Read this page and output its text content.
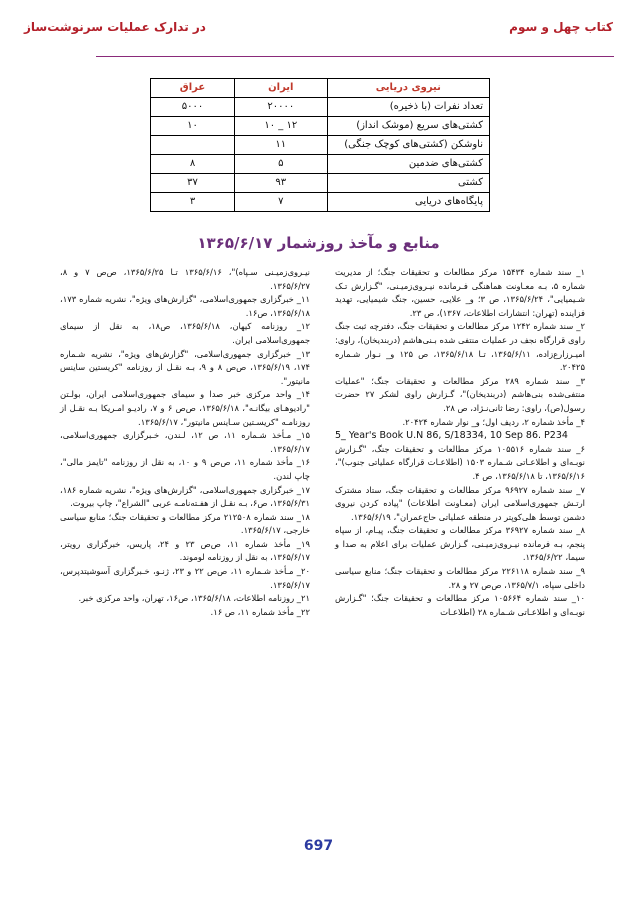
کتاب چهل و سوم
در تدارک عملیات سرنوشت‌ساز
نیروی دریایی	ایران	عراق
تعداد نفرات (با ذخیره)	۲۰۰۰۰	۵۰۰۰
کشتی‌های سریع (موشک انداز)	۱۲ _ ۱۰	۱۰
ناوشکن (کشتی‌های کوچک جنگی)	۱۱	
کشتی‌های ضدمین	۵	۸
کشتی	۹۳	۳۷
پایگاه‌های دریایی	۷	۳
منابع و مآخذ روزشمار ۱۳۶۵/۶/۱۷

۱_ سند شماره ۱۵۴۳۴ مرکز مطالعات و تحقیقات جنگ؛ از مدیریت شماره ۵، بـه معـاونت هماهنگی فـرمانده نیـروی‌زمیـنی، "گـزارش تـک شـیمیایی"، ۱۳۶۵/۶/۲۴، ص ۳؛ و_ علایی، حسین، جنگ شیمیایی، تهدید فزاینده (تهران: انتشارات اطلاعات، ۱۳۶۷)، ص ۲۳.

۲_ سند شماره ۱۲۴۲ مرکز مطالعات و تحقیقات جنگ، دفترچه ثبت جنگ راوی قرارگاه نجف در عملیات منتفی شده بـنی‌هاشم (دربندیخان)، راوی: امیـرزارع‌زاده، ۱۳۶۵/۶/۱۱، تـا ۱۳۶۵/۶/۱۸، ص ۱۲۵ و_ نـوار شـماره ۲۰۴۲۵.

۳_ سند شماره ۲۸۹ مرکز مطالعات و تحقیقات جنگ؛ "عملیات منتفی‌شده بنی‌هاشم (دربندیخان)"، گـزارش راوی لشکر ۲۷ حضرت رسول(ص)، راوی: رضا ثانی‌نـژاد، ص ۲۸.

۴_ مأخذ شماره ۲، ردیف اول؛ و_ نوار شماره ۲۰۴۲۴.

5_ Year's Book U.N 86, S/18334, 10 Sep 86. P234

۶_ سند شماره ۱۰۵۵۱۶ مرکز مطالعات و تحقیقات جنگ، "گـزارش نوبـه‌ای و اطلاعـاتی شـماره ۱۵۰۳ (اطلاعـات قرارگاه عملیاتی جنوب)"، ۱۳۶۵/۶/۱۶، تا ۱۳۶۵/۶/۱۸، ص ۴.

۷_ سند شماره ۹۶۹۲۷ مرکز مطالعات و تحقیقات جنگ، ستاد مشترک ارتـش جمهوری‌اسلامی ایران (معـاونت اطلاعات) "پیاده کردن نیروی دشمن توسط هلی‌کوپتر در منطقه عملیاتی حاج‌عمران"، ۱۳۶۵/۶/۱۹.

۸_ سند شماره ۳۶۹۲۷ مرکز مطالعات و تحقیقات جنگ، پیـام، از سپاه پنجم، بـه فرمانده نیـروی‌زمیـنی، گـزارش عملیات برای اعلام به صدا و سیما، ۱۳۶۵/۶/۲۲.

۹_ سند شماره ۲۲۶۱۱۸ مرکز مطالعات و تحقیقات جنگ؛ منابع سیاسی داخلی سپاه، ۱۳۶۵/۷/۱، ص‌ص ۲۷ و ۲۸.

۱۰_ سند شماره ۱۰۵۶۶۴ مرکز مطالعات و تحقیقات جنگ؛ "گـزارش نوبـه‌ای و اطلاعـاتی شـماره ۲۸ (اطلاعـات

نیـروی‌زمیـنی سـپاه)"، ۱۳۶۵/۶/۱۶ تـا ۱۳۶۵/۶/۲۵، ص‌ص ۷ و ۸، ۱۳۶۵/۶/۲۷.

۱۱_ خبرگزاری جمهوری‌اسلامی، "گزارش‌های ویژه"، نشریه شماره ۱۷۳، ۱۳۶۵/۶/۱۸، ص۱۶.

۱۲_ روزنامه کیهان، ۱۳۶۵/۶/۱۸، ص۱۸، به نقل از سیمای جمهوری‌اسلامی ایران.

۱۳_ خبرگزاری جمهوری‌اسلامی، "گزارش‌های ویژه"، نشریه شـماره ۱۷۴، ۱۳۶۵/۶/۱۹، ص‌ص ۸ و ۹، بـه نقـل از روزنامه "کریستین ساینس مانیتور".

۱۴_ واحد مرکزی خبر صدا و سیمای جمهوری‌اسلامی ایران، بولـتن "رادیوهـای بیگانـه"، ۱۳۶۵/۶/۱۸، ص‌ص ۶ و ۷، رادیـو امـریکا بـه نقـل از روزنامـه "کریسـتین سـاینس مانیتور"، ۱۳۶۵/۶/۱۷.

۱۵_ مـأخذ شـماره ۱۱، ص ۱۲، لـندن، خـبرگزاری جمهوری‌اسلامی، ۱۳۶۵/۶/۱۷.

۱۶_ مأخذ شماره ۱۱، ص‌ص ۹ و ۱۰، به نقل از روزنامه "تایمز مالی"، چاپ لندن.

۱۷_ خبرگزاری جمهوری‌اسلامی، "گزارش‌های ویژه"، نشریه شماره ۱۸۶، ۱۳۶۵/۶/۳۱، ص۶، بـه نقـل از هفـته‌نامـه عربی "الشراع"، چاپ بیروت.

۱۸_ سند شماره ۲۱۲۵۰۸ مرکز مطالعات و تحقیقات جنگ؛ منابع سیاسی خارجی، ۱۳۶۵/۶/۱۷.

۱۹_ مأخذ شماره ۱۱، ص‌ص ۲۳ و ۲۴، پاریس، خبرگزاری رویتر، ۱۳۶۵/۶/۱۷، به نقل از روزنامه لوموند.

۲۰_ مـأخذ شـماره ۱۱، ص‌ص ۲۲ و ۲۳، ژنـو، خـبرگزاری آسوشیتدپرس، ۱۳۶۵/۶/۱۷.

۲۱_ روزنامه اطلاعات، ۱۳۶۵/۶/۱۸، ص۱۶، تهران، واحد مرکزی خبر.

۲۲_ مأخذ شماره ۱۱، ص ۱۶.

697
